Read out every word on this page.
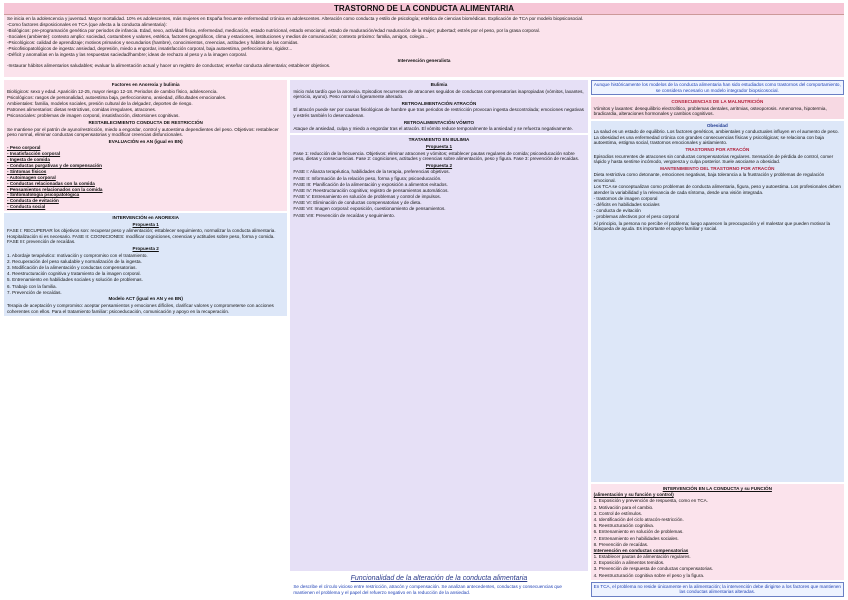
TRASTORNO DE LA CONDUCTA ALIMENTARIA

Se inicia en la adolescencia y juventud. Mayor mortalidad. 10% es adolescentes, más mujeres en España frecuente enfermedad crónica en adolescentes. Alteración como conducta y estilo de psicología; estética de ciencias biomédicas. Explicación de TCA por modelo biopsicosocial.

-Como factores disposicionales en TCA (que afecta a la conducta alimentaria):

-Biológicos: pre-programación genética por periodos de infancia. Edad, sexo, actividad física, enfermedad, medicación, estado nutricional, estado emocional, estado de maduración/edad maduración de la mujer; pubertad; estrés por el peso, por la grasa corporal.

-Sociales (ambiente): contexto amplio: sociedad, costumbres y valores, estética, factores geográficos, clima y estaciones, instituciones y medios de comunicación; contexto próximo: familia, amigos, colegio...

-Psicológicos: calidad de aprendizaje; motivos primarios y secundarios (hambre), conocimientos, creencias, actitudes y hábitos de las comidas.

-Psicofisiopatológicos de ingesta: ansiedad, depresión, miedo a engordar, insatisfacción corporal, baja autoestima, perfeccionismo, rigidez...

-Déficit y anomalías en la ingesta y las respuestas saciedad/hambre; ideas de rechazo al peso y a la imagen corporal.

Intervención generalista

-Instaurar hábitos alimentarios saludables; evaluar la alimentación actual y hacer un registro de conductas; enseñar conducta alimentaria; establecer objetivos.

Factores en Anorexia y bulimia

Biológicos: sexo y edad. Aparición 12-25, mayor riesgo 12-18. Periodos de cambio físico, adolescencia.

Psicológicos: rasgos de personalidad, autoestima baja, perfeccionismo, ansiedad, dificultades emocionales.

Ambientales: familia, modelos sociales, presión cultural de la delgadez, deportes de riesgo.

Patrones alimentarios: dietas restrictivas, comidas irregulares, atracones.

Psicosociales: problemas de imagen corporal, insatisfacción, distorsiones cognitivas.

RESTABLECIMIENTO CONDUCTA DE RESTRICCIÓN

Se mantiene por el patrón de ayuno/restricción, miedo a engordar, control y autoestima dependientes del peso. Objetivos: restablecer peso normal, eliminar conductas compensatorias y modificar creencias disfuncionales.

EVALUACIÓN en AN (igual en BN)
- Peso corporal
- Insatisfacción corporal
- Ingesta de comida
- Conductas purgativas y de compensación
- Síntomas físicos
- Autoimagen corporal
- Conductas relacionadas con la comida
- Pensamientos relacionados con la comida
- Sintomatología psicopatológica
- Conducta de evitación
- Conducta social
INTERVENCIÓN en ANOREXIA
Propuesta 1

FASE I: RECUPERAR los objetivos son: recuperar peso y alimentación; establecer seguimiento, normalizar la conducta alimentaria. Hospitalización si es necesario. FASE II: COGNICIONES: modificar cogniciones, creencias y actitudes sobre peso, forma y comida. FASE III: prevención de recaídas.

Propuesta 2

1. Abordaje terapéutico: motivación y compromiso con el tratamiento.

2. Recuperación del peso saludable y normalización de la ingesta.

3. Modificación de la alimentación y conductas compensatorias.

4. Reestructuración cognitiva y tratamiento de la imagen corporal.

5. Entrenamiento en habilidades sociales y solución de problemas.

6. Trabajo con la familia.

7. Prevención de recaídas.

Modelo ACT (igual en AN y en BN)

Terapia de aceptación y compromiso: aceptar pensamientos y emociones difíciles, clarificar valores y comprometerse con acciones coherentes con ellos. Para el tratamiento familiar: psicoeducación, comunicación y apoyo en la recuperación.

Bulimia

Inicio más tardío que la anorexia. Episodios recurrentes de atracones seguidos de conductas compensatorias inapropiadas (vómitos, laxantes, ejercicio, ayuno). Peso normal o ligeramente alterado.

RETROALIMENTACIÓN ATRACÓN

El atracón puede ser por causas fisiológicas de hambre que tras periodos de restricción provocan ingesta descontrolada; emociones negativas y estrés también lo desencadenan.

RETROALIMENTACIÓN VÓMITO

Ataque de ansiedad, culpa y miedo a engordar tras el atracón. El vómito reduce temporalmente la ansiedad y se refuerza negativamente.

TRATAMIENTO EN BULIMIA
Propuesta 1

Fase 1: reducción de la frecuencia. Objetivos: eliminar atracones y vómitos; establecer pautas regulares de comida; psicoeducación sobre peso, dietas y consecuencias. Fase 2: cogniciones, actitudes y creencias sobre alimentación, peso y figura. Fase 3: prevención de recaídas.

Propuesta 2

FASE I: Alianza terapéutica, habilidades de la terapia, preferencias objetivos.

FASE II: Información de la relación peso, forma y figura; psicoeducación.

FASE III: Planificación de la alimentación y exposición a alimentos evitados.

FASE IV: Reestructuración cognitiva; registro de pensamientos automáticos.

FASE V: Entrenamiento en solución de problemas y control de impulsos.

FASE VI: Eliminación de conductas compensatorias y de dieta.

FASE VII: Imagen corporal: exposición, cuestionamiento de pensamientos.

FASE VIII: Prevención de recaídas y seguimiento.

Funcionalidad de la alteración de la conducta alimentaria

Se describe el círculo vicioso entre restricción, atracón y compensación. Se analizan antecedentes, conductas y consecuencias que mantienen el problema y el papel del refuerzo negativo en la reducción de la ansiedad.

Aunque históricamente los modelos de la conducta alimentaria han sido estudiados como trastornos del comportamiento, se considera necesario un modelo integrador biopsicosocial.
CONSECUENCIAS DE LA MALNUTRICIÓN

Vómitos y laxantes: desequilibrio electrolítico, problemas dentales, arritmias, osteoporosis. Amenorrea, hipotermia, bradicardia, alteraciones hormonales y cambios cognitivos.

Obesidad

La salud es un estado de equilibrio. Los factores genéticos, ambientales y conductuales influyen en el aumento de peso. La obesidad es una enfermedad crónica con grandes consecuencias físicas y psicológicas; se relaciona con baja autoestima, estigma social, trastornos emocionales y aislamiento.

TRASTORNO POR ATRACÓN

Episodios recurrentes de atracones sin conductas compensatorias regulares. Sensación de pérdida de control, comer rápido y hasta sentirse incómodo, vergüenza y culpa posterior. Suele asociarse a obesidad.

MANTENIMIENTO DEL TRASTORNO POR ATRACÓN

Dieta restrictiva como detonante, emociones negativas, baja tolerancia a la frustración y problemas de regulación emocional.

Los TCA se conceptualizan como problemas de conducta alimentaria, figura, peso y autoestima. Los profesionales deben atender la variabilidad y la relevancia de cada síntoma, desde una visión integrada.

- trastornos de imagen corporal

- déficits en habilidades sociales

- conducta de evitación

- problemas afectivos por el peso corporal

Al principio, la persona no percibe el problema; luego aparecen la preocupación y el malestar que pueden motivar la búsqueda de ayuda. Es importante el apoyo familiar y social.

INTERVENCIÓN EN LA CONDUCTA y su FUNCIÓN

(alimentación y su función y control)

1. Exposición y prevención de respuesta, como en TCA.

2. Motivación para el cambio.

3. Control de estímulos.

4. Identificación del ciclo atracón-restricción.

5. Reestructuración cognitiva.

6. Entrenamiento en solución de problemas.

7. Entrenamiento en habilidades sociales.

8. Prevención de recaídas.

Intervención en conductas compensatorias

1. Establecer pautas de alimentación regulares.

2. Exposición a alimentos temidos.

3. Prevención de respuesta de conductas compensatorias.

4. Reestructuración cognitiva sobre el peso y la figura.

En TCA, el problema no reside únicamente en la alimentación; la intervención debe dirigirse a los factores que mantienen las conductas alimentarias alteradas.
